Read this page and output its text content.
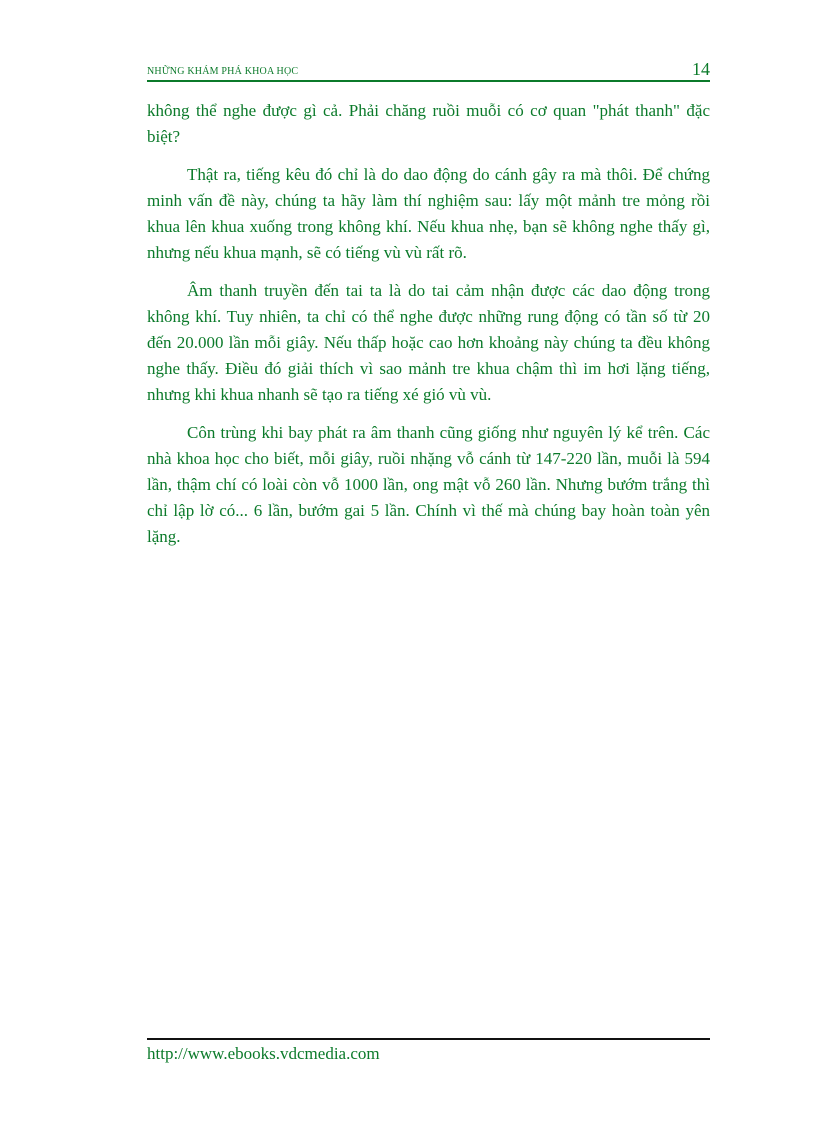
NHỮNG KHÁM PHÁ KHOA HỌC	14

không thể nghe được gì cả. Phải chăng ruồi muỗi có cơ quan "phát thanh" đặc biệt?

Thật ra, tiếng kêu đó chỉ là do dao động do cánh gây ra mà thôi. Để chứng minh vấn đề này, chúng ta hãy làm thí nghiệm sau: lấy một mảnh tre mỏng rồi khua lên khua xuống trong không khí. Nếu khua nhẹ, bạn sẽ không nghe thấy gì, nhưng nếu khua mạnh, sẽ có tiếng vù vù rất rõ.

Âm thanh truyền đến tai ta là do tai cảm nhận được các dao động trong không khí. Tuy nhiên, ta chỉ có thể nghe được những rung động có tần số từ 20 đến 20.000 lần mỗi giây. Nếu thấp hoặc cao hơn khoảng này chúng ta đều không nghe thấy. Điều đó giải thích vì sao mảnh tre khua chậm thì im hơi lặng tiếng, nhưng khi khua nhanh sẽ tạo ra tiếng xé gió vù vù.

Côn trùng khi bay phát ra âm thanh cũng giống như nguyên lý kể trên. Các nhà khoa học cho biết, mỗi giây, ruồi nhặng vỗ cánh từ 147-220 lần, muỗi là 594 lần, thậm chí có loài còn vỗ 1000 lần, ong mật vỗ 260 lần. Nhưng bướm trắng thì chỉ lập lờ có... 6 lần, bướm gai 5 lần. Chính vì thế mà chúng bay hoàn toàn yên lặng.

http://www.ebooks.vdcmedia.com
